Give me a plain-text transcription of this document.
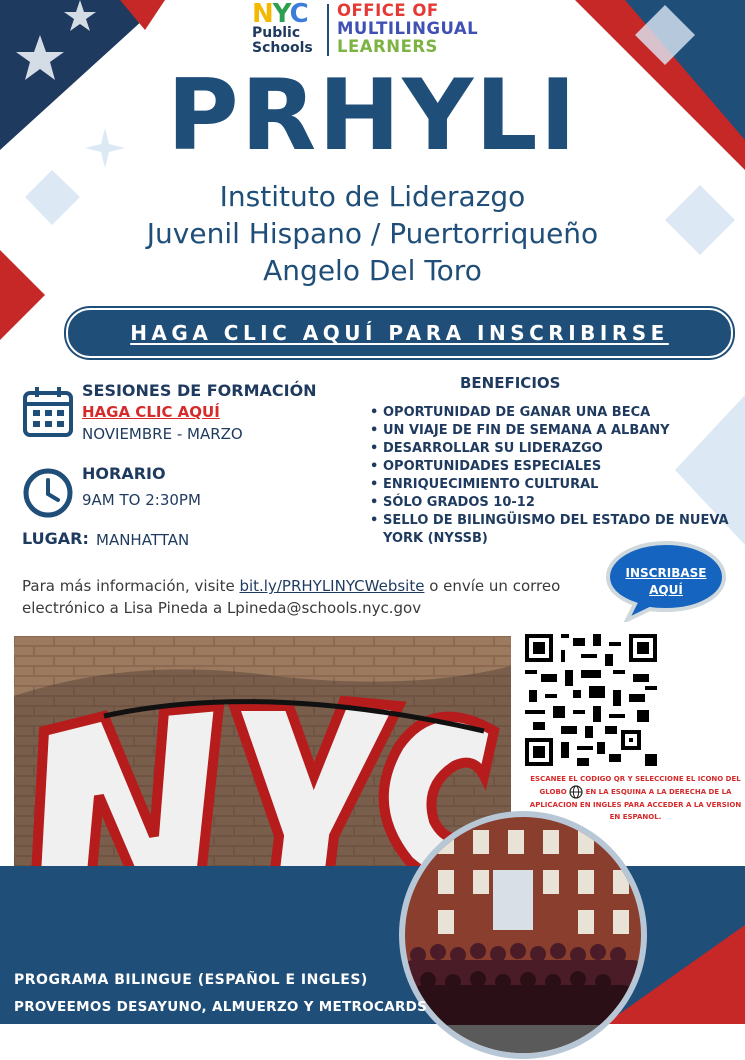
NYC
Public
Schools
OFFICE OF
MULTILINGUAL
LEARNERS
PRHYLI
Instituto de Liderazgo
Juvenil Hispano / Puertorriqueño
Angelo Del Toro
HAGA CLIC AQUÍ PARA INSCRIBIRSE
SESIONES DE FORMACIÓN
HAGA CLIC AQUÍ
NOVIEMBRE - MARZO
HORARIO
9AM TO 2:30PM
LUGAR: MANHATTAN
BENEFICIOS
• OPORTUNIDAD DE GANAR UNA BECA
• UN VIAJE DE FIN DE SEMANA A ALBANY
• DESARROLLAR SU LIDERAZGO
• OPORTUNIDADES ESPECIALES
• ENRIQUECIMIENTO CULTURAL
• SÓLO GRADOS 10-12
• SELLO DE BILINGÜISMO DEL ESTADO DE NUEVA YORK (NYSSB)
Para más información, visite bit.ly/PRHYLINYCWebsite o envíe un correo electrónico a Lisa Pineda a Lpineda@schools.nyc.gov
INSCRIBASE
AQUÍ
ESCANEE EL CODIGO QR Y SELECCIONE EL ICONO DEL GLOBO	EN LA ESQUINA A LA DERECHA DE LA APLICACION EN INGLES PARA ACCEDER A LA VERSION EN ESPANOL.
PROGRAMA BILINGUE (ESPAÑOL E INGLES)
PROVEEMOS DESAYUNO, ALMUERZO Y METROCARDS
